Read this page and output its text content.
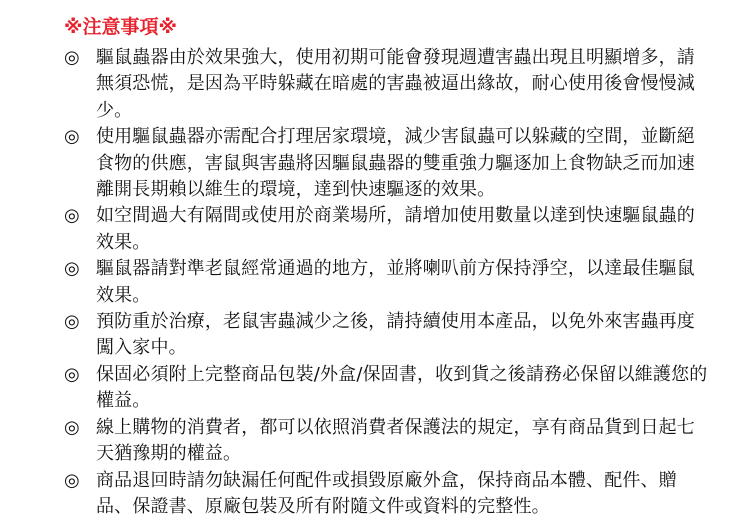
※注意事項※
◎ 驅鼠蟲器由於效果強大，使用初期可能會發現週遭害蟲出現且明顯增多，請無須恐慌，是因為平時躲藏在暗處的害蟲被逼出緣故，耐心使用後會慢慢減少。
◎ 使用驅鼠蟲器亦需配合打理居家環境，減少害鼠蟲可以躲藏的空間，並斷絕食物的供應，害鼠與害蟲將因驅鼠蟲器的雙重強力驅逐加上食物缺乏而加速離開長期賴以維生的環境，達到快速驅逐的效果。
◎ 如空間過大有隔間或使用於商業場所，請增加使用數量以達到快速驅鼠蟲的效果。
◎ 驅鼠器請對準老鼠經常通過的地方，並將喇叭前方保持淨空，以達最佳驅鼠效果。
◎ 預防重於治療，老鼠害蟲減少之後，請持續使用本產品，以免外來害蟲再度闖入家中。
◎ 保固必須附上完整商品包裝/外盒/保固書，收到貨之後請務必保留以維護您的權益。
◎ 線上購物的消費者，都可以依照消費者保護法的規定，享有商品貨到日起七天猶豫期的權益。
◎ 商品退回時請勿缺漏任何配件或損毀原廠外盒，保持商品本體、配件、贈品、保證書、原廠包裝及所有附隨文件或資料的完整性。
